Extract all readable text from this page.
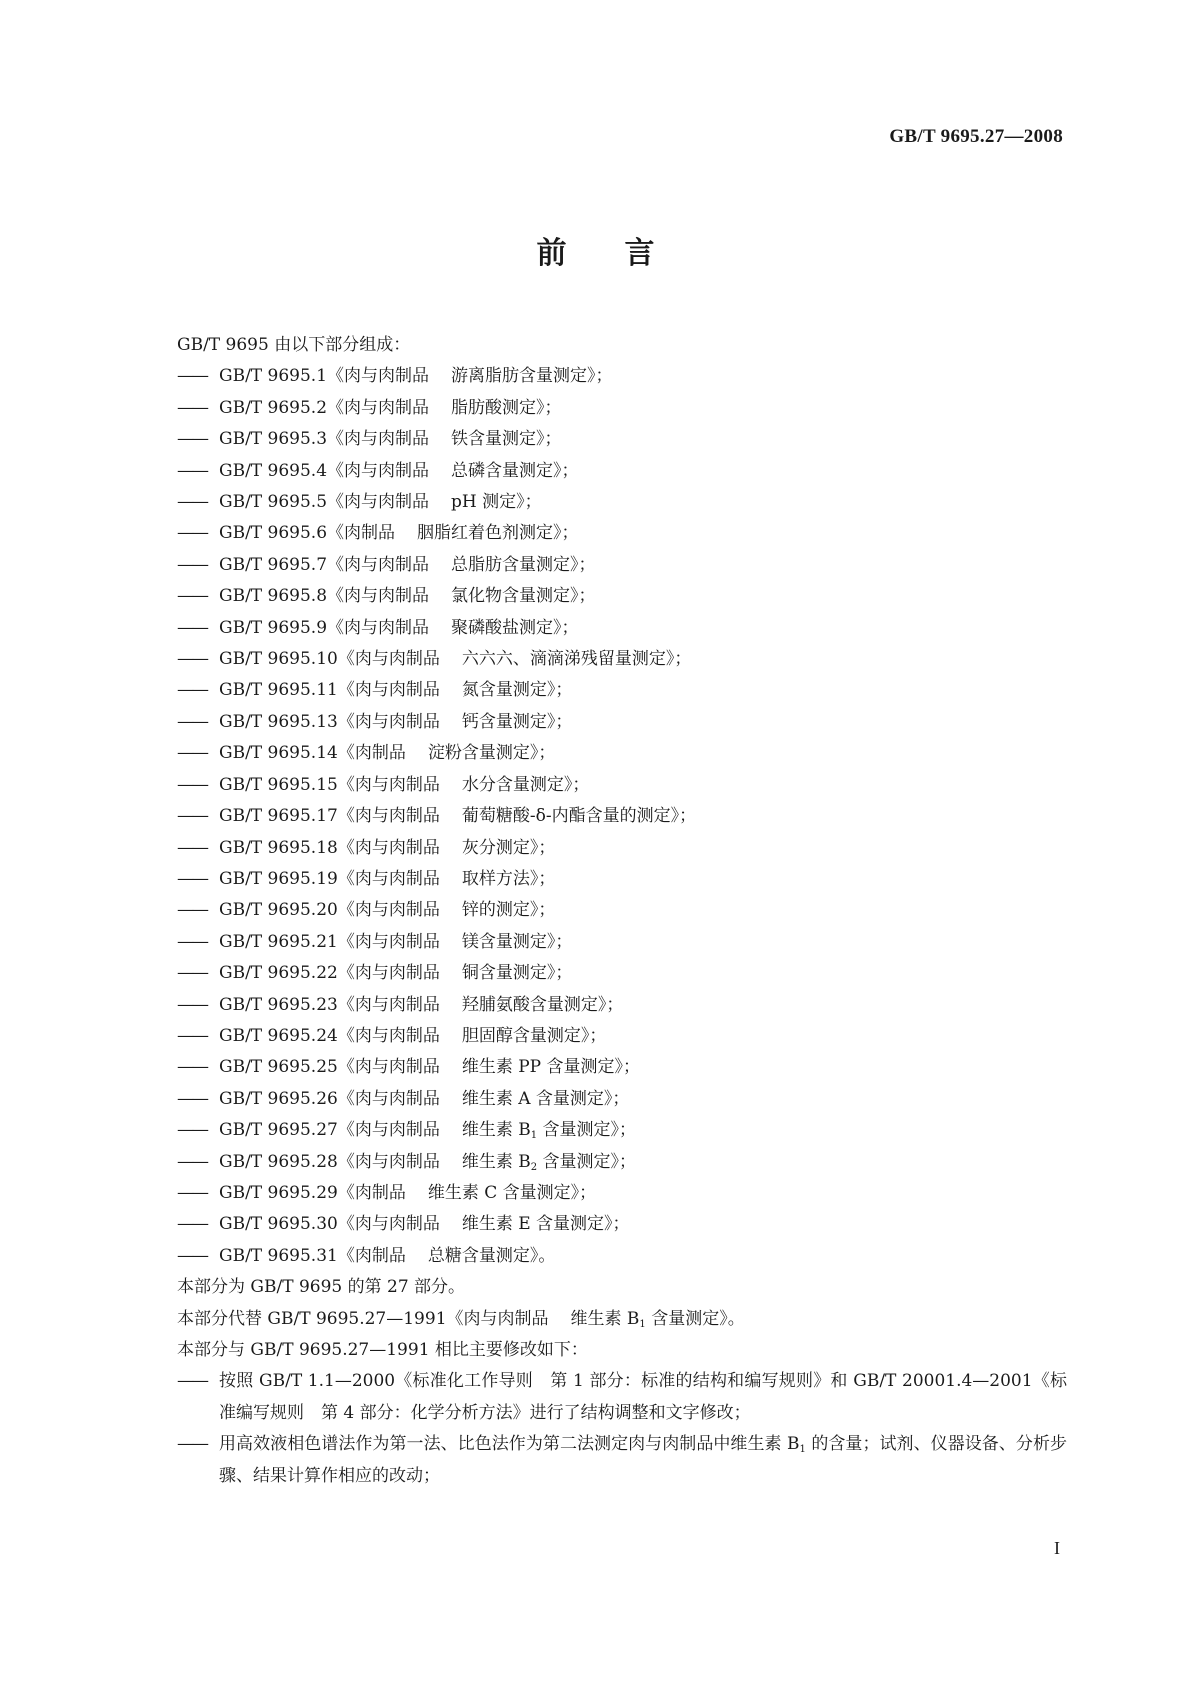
GB/T 9695.27—2008
前言
GB/T 9695 由以下部分组成：
—— GB/T 9695.1《肉与肉制品 游离脂肪含量测定》；
—— GB/T 9695.2《肉与肉制品 脂肪酸测定》；
—— GB/T 9695.3《肉与肉制品 铁含量测定》；
—— GB/T 9695.4《肉与肉制品 总磷含量测定》；
—— GB/T 9695.5《肉与肉制品 pH 测定》；
—— GB/T 9695.6《肉制品 胭脂红着色剂测定》；
—— GB/T 9695.7《肉与肉制品 总脂肪含量测定》；
—— GB/T 9695.8《肉与肉制品 氯化物含量测定》；
—— GB/T 9695.9《肉与肉制品 聚磷酸盐测定》；
—— GB/T 9695.10《肉与肉制品 六六六、滴滴涕残留量测定》；
—— GB/T 9695.11《肉与肉制品 氮含量测定》；
—— GB/T 9695.13《肉与肉制品 钙含量测定》；
—— GB/T 9695.14《肉制品 淀粉含量测定》；
—— GB/T 9695.15《肉与肉制品 水分含量测定》；
—— GB/T 9695.17《肉与肉制品 葡萄糖酸-δ-内酯含量的测定》；
—— GB/T 9695.18《肉与肉制品 灰分测定》；
—— GB/T 9695.19《肉与肉制品 取样方法》；
—— GB/T 9695.20《肉与肉制品 锌的测定》；
—— GB/T 9695.21《肉与肉制品 镁含量测定》；
—— GB/T 9695.22《肉与肉制品 铜含量测定》；
—— GB/T 9695.23《肉与肉制品 羟脯氨酸含量测定》；
—— GB/T 9695.24《肉与肉制品 胆固醇含量测定》；
—— GB/T 9695.25《肉与肉制品 维生素 PP 含量测定》；
—— GB/T 9695.26《肉与肉制品 维生素 A 含量测定》；
—— GB/T 9695.27《肉与肉制品 维生素 $B_1$ 含量测定》；
—— GB/T 9695.28《肉与肉制品 维生素 $B_2$ 含量测定》；
—— GB/T 9695.29《肉制品 维生素 C 含量测定》；
—— GB/T 9695.30《肉与肉制品 维生素 E 含量测定》；
—— GB/T 9695.31《肉制品 总糖含量测定》。
本部分为 GB/T 9695 的第 27 部分。
本部分代替 GB/T 9695.27—1991《肉与肉制品 维生素 $B_1$ 含量测定》。
本部分与 GB/T 9695.27—1991 相比主要修改如下：
—— 按照 GB/T 1.1—2000《标准化工作导则　第 1 部分：标准的结构和编写规则》和 GB/T 20001.4—2001《标准编写规则　第 4 部分：化学分析方法》进行了结构调整和文字修改；
—— 用高效液相色谱法作为第一法、比色法作为第二法测定肉与肉制品中维生素 $B_1$ 的含量；试剂、仪器设备、分析步骤、结果计算作相应的改动；
I
